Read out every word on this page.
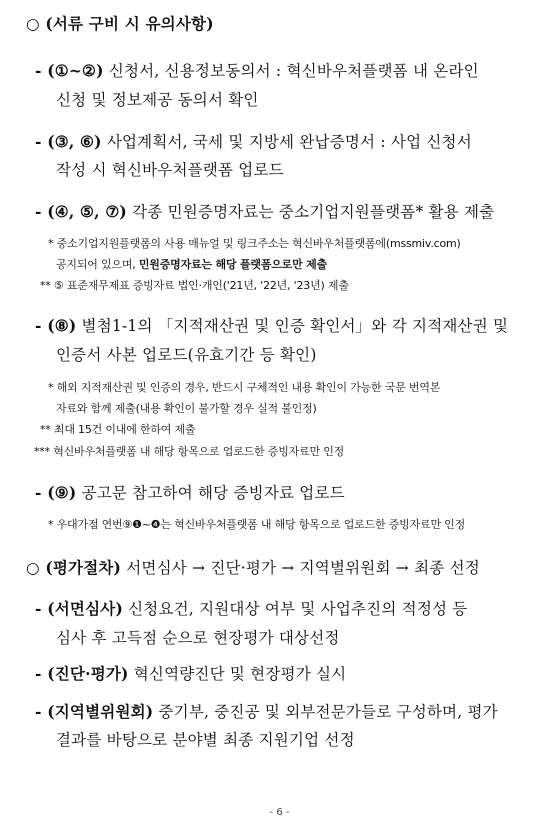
○ (서류 구비 시 유의사항)
- (①~②) 신청서, 신용정보동의서 : 혁신바우처플랫폼 내 온라인
신청 및 정보제공 동의서 확인
- (③, ⑥) 사업계획서, 국세 및 지방세 완납증명서 : 사업 신청서
작성 시 혁신바우처플랫폼 업로드
- (④, ⑤, ⑦) 각종 민원증명자료는 중소기업지원플랫폼* 활용 제출
* 중소기업지원플랫폼의 사용 매뉴얼 및 링크주소는 혁신바우처플랫폼에(mssmiv.com)
공지되어 있으며, 민원증명자료는 해당 플랫폼으로만 제출
** ⑤ 표준재무제표 증빙자료 법인·개인('21년, '22년, '23년) 제출
- (⑧) 별첨1-1의 「지적재산권 및 인증 확인서」와 각 지적재산권 및
인증서 사본 업로드(유효기간 등 확인)
* 해외 지적재산권 및 인증의 경우, 반드시 구체적인 내용 확인이 가능한 국문 번역본
자료와 함께 제출(내용 확인이 불가할 경우 실적 불인정)
** 최대 15건 이내에 한하여 제출
*** 혁신바우처플랫폼 내 해당 항목으로 업로드한 증빙자료만 인정
- (⑨) 공고문 참고하여 해당 증빙자료 업로드
* 우대가점 연번⑨❶~❹는 혁신바우처플랫폼 내 해당 항목으로 업로드한 증빙자료만 인정
○ (평가절차) 서면심사 → 진단·평가 → 지역별위원회 → 최종 선정
- (서면심사) 신청요건, 지원대상 여부 및 사업추진의 적정성 등
심사 후 고득점 순으로 현장평가 대상선정
- (진단·평가) 혁신역량진단 및 현장평가 실시
- (지역별위원회) 중기부, 중진공 및 외부전문가들로 구성하며, 평가
결과를 바탕으로 분야별 최종 지원기업 선정
- 6 -
